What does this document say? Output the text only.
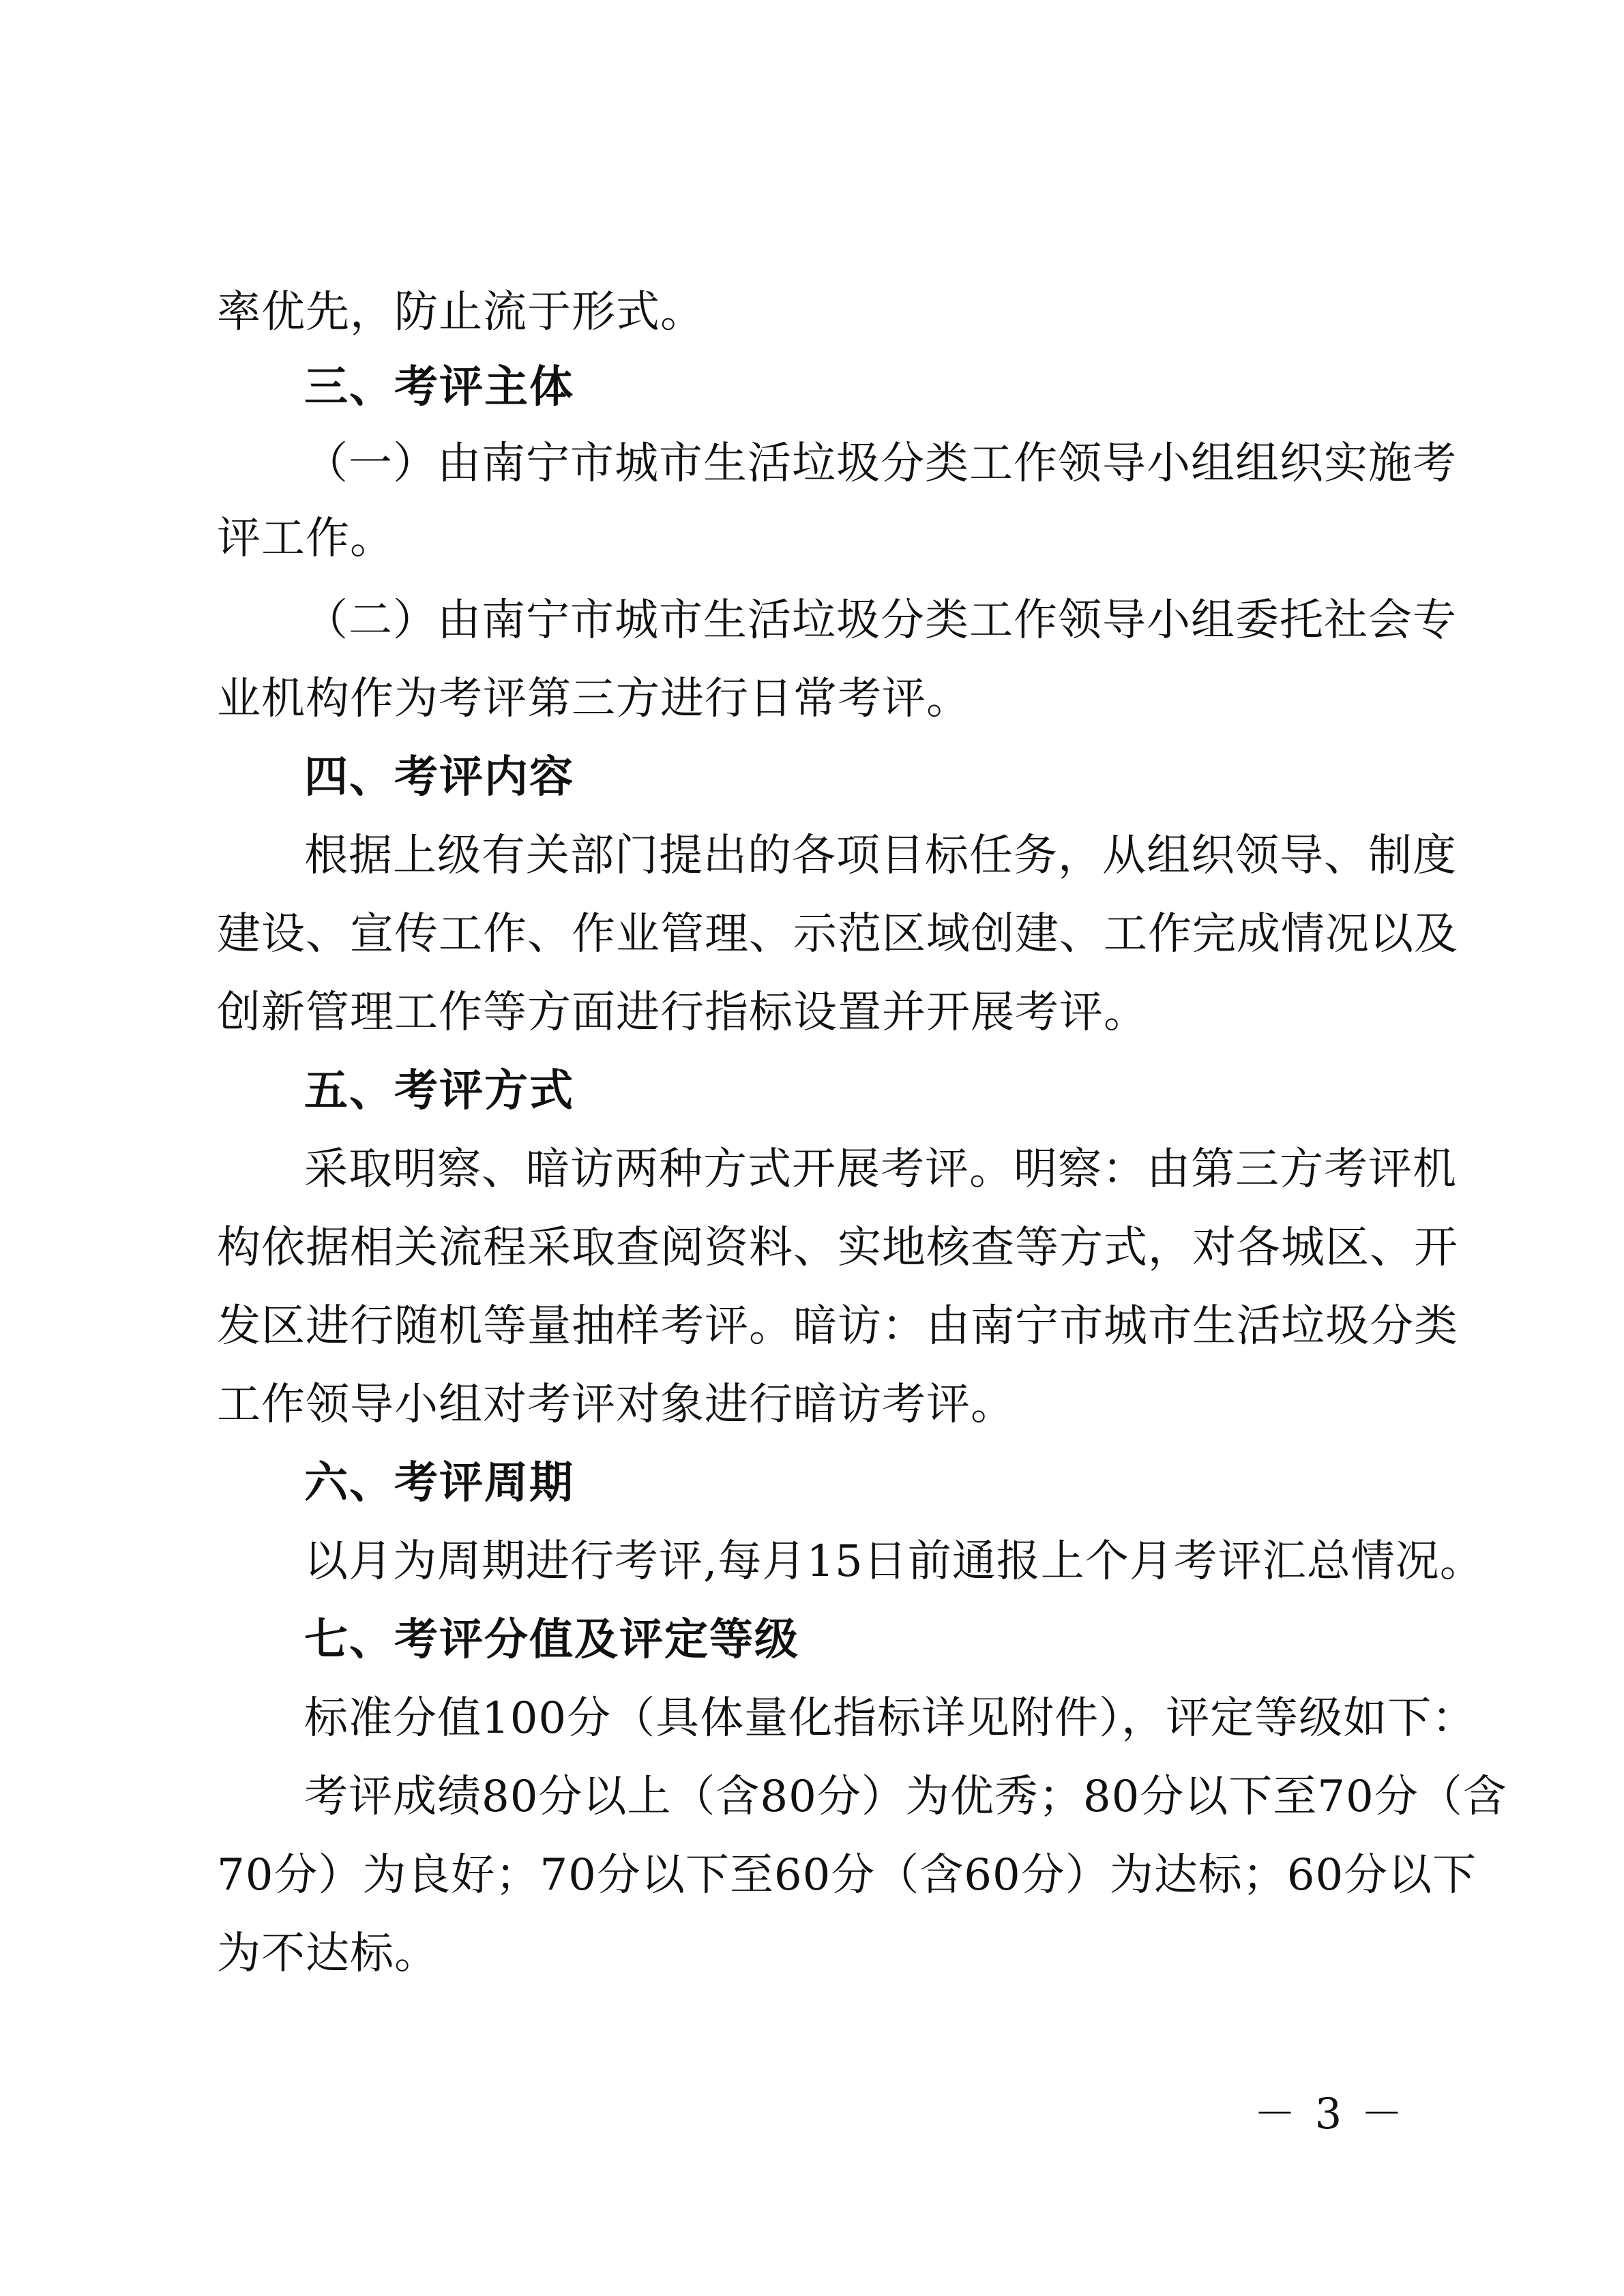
率优先，防止流于形式。
三、考评主体
（一）由南宁市城市生活垃圾分类工作领导小组组织实施考
评工作。
（二）由南宁市城市生活垃圾分类工作领导小组委托社会专
业机构作为考评第三方进行日常考评。
四、考评内容
根据上级有关部门提出的各项目标任务，从组织领导、制度
建设、宣传工作、作业管理、示范区域创建、工作完成情况以及
创新管理工作等方面进行指标设置并开展考评。
五、考评方式
采取明察、暗访两种方式开展考评。明察：由第三方考评机
构依据相关流程采取查阅资料、实地核查等方式，对各城区、开
发区进行随机等量抽样考评。暗访：由南宁市城市生活垃圾分类
工作领导小组对考评对象进行暗访考评。
六、考评周期
以月为周期进行考评,每月15日前通报上个月考评汇总情况。
七、考评分值及评定等级
标准分值100分（具体量化指标详见附件），评定等级如下：
考评成绩80分以上（含80分）为优秀；80分以下至70分（含
70分）为良好；70分以下至60分（含60分）为达标；60分以下
为不达标。
－ 3 －
